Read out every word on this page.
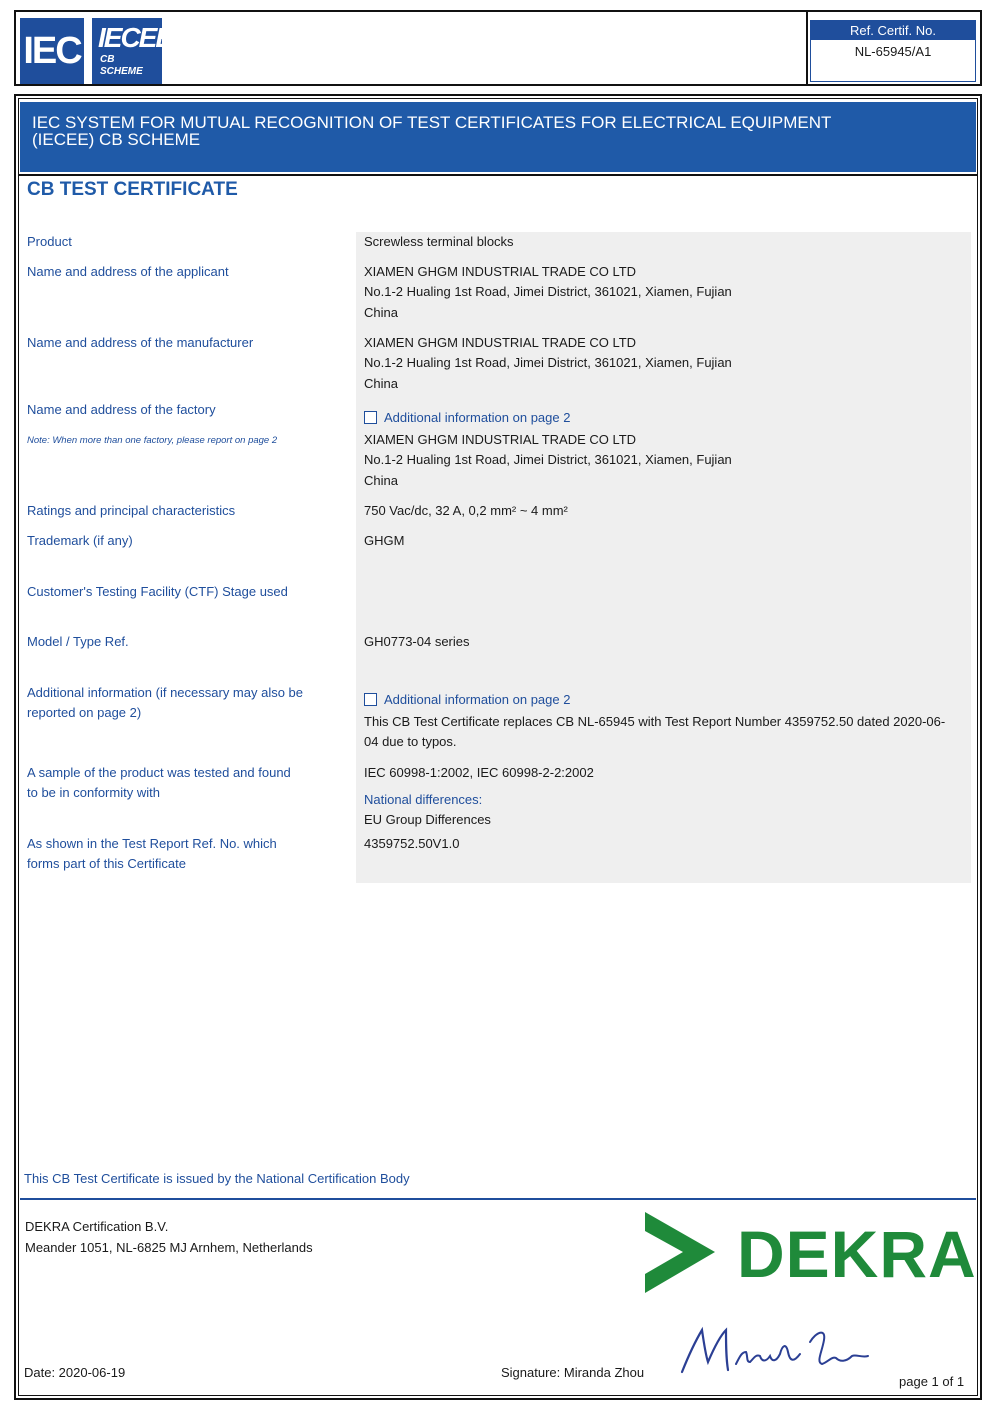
IEC IECEE
CB
SCHEME
Ref. Certif. No.
NL-65945/A1
IEC SYSTEM FOR MUTUAL RECOGNITION OF TEST CERTIFICATES FOR ELECTRICAL EQUIPMENT
(IECEE) CB SCHEME
CB TEST CERTIFICATE
Product
Name and address of the applicant
Name and address of the manufacturer
Name and address of the factory
Note: When more than one factory, please report on page 2
Ratings and principal characteristics
Trademark (if any)
Customer's Testing Facility (CTF) Stage used
Model / Type Ref.
Additional information (if necessary may also be
reported on page 2)
A sample of the product was tested and found
to be in conformity with
As shown in the Test Report Ref. No. which
forms part of this Certificate
Screwless terminal blocks
XIAMEN GHGM INDUSTRIAL TRADE CO LTD
No.1-2 Hualing 1st Road, Jimei District, 361021, Xiamen, Fujian
China
XIAMEN GHGM INDUSTRIAL TRADE CO LTD
No.1-2 Hualing 1st Road, Jimei District, 361021, Xiamen, Fujian
China
Additional information on page 2
XIAMEN GHGM INDUSTRIAL TRADE CO LTD
No.1-2 Hualing 1st Road, Jimei District, 361021, Xiamen, Fujian
China
750 Vac/dc, 32 A, 0,2 mm² ~ 4 mm²
GHGM
GH0773-04 series
Additional information on page 2
This CB Test Certificate replaces CB NL-65945 with Test Report Number 4359752.50 dated 2020-06-
04 due to typos.
IEC 60998-1:2002, IEC 60998-2-2:2002
National differences:
EU Group Differences
4359752.50V1.0
This CB Test Certificate is issued by the National Certification Body
DEKRA Certification B.V.
Meander 1051, NL-6825 MJ Arnhem, Netherlands	DEKRA
Date: 2020-06-19	Signature: Miranda Zhou
page 1 of 1
